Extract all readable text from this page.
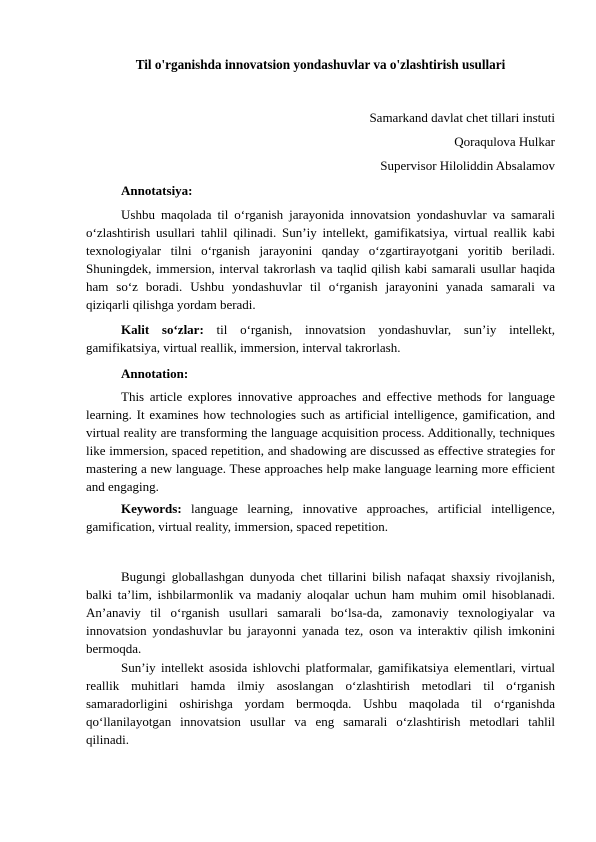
Til o'rganishda innovatsion yondashuvlar va o'zlashtirish usullari
Samarkand davlat chet tillari instuti
Qoraqulova Hulkar
Supervisor Hiloliddin Absalamov
Annotatsiya:
Ushbu maqolada til o‘rganish jarayonida innovatsion yondashuvlar va samarali o‘zlashtirish usullari tahlil qilinadi. Sun’iy intellekt, gamifikatsiya, virtual reallik kabi texnologiyalar tilni o‘rganish jarayonini qanday o‘zgartirayotgani yoritib beriladi. Shuningdek, immersion, interval takrorlash va taqlid qilish kabi samarali usullar haqida ham so‘z boradi. Ushbu yondashuvlar til o‘rganish jarayonini yanada samarali va qiziqarli qilishga yordam beradi.
Kalit so‘zlar: til o‘rganish, innovatsion yondashuvlar, sun’iy intellekt, gamifikatsiya, virtual reallik, immersion, interval takrorlash.
Annotation:
This article explores innovative approaches and effective methods for language learning. It examines how technologies such as artificial intelligence, gamification, and virtual reality are transforming the language acquisition process. Additionally, techniques like immersion, spaced repetition, and shadowing are discussed as effective strategies for mastering a new language. These approaches help make language learning more efficient and engaging.
Keywords: language learning, innovative approaches, artificial intelligence, gamification, virtual reality, immersion, spaced repetition.
Bugungi globallashgan dunyoda chet tillarini bilish nafaqat shaxsiy rivojlanish, balki ta’lim, ishbilarmonlik va madaniy aloqalar uchun ham muhim omil hisoblanadi. An’anaviy til o‘rganish usullari samarali bo‘lsa-da, zamonaviy texnologiyalar va innovatsion yondashuvlar bu jarayonni yanada tez, oson va interaktiv qilish imkonini bermoqda.
Sun’iy intellekt asosida ishlovchi platformalar, gamifikatsiya elementlari, virtual reallik muhitlari hamda ilmiy asoslangan o‘zlashtirish metodlari til o‘rganish samaradorligini oshirishga yordam bermoqda. Ushbu maqolada til o‘rganishda qo‘llanilayotgan innovatsion usullar va eng samarali o‘zlashtirish metodlari tahlil qilinadi.
